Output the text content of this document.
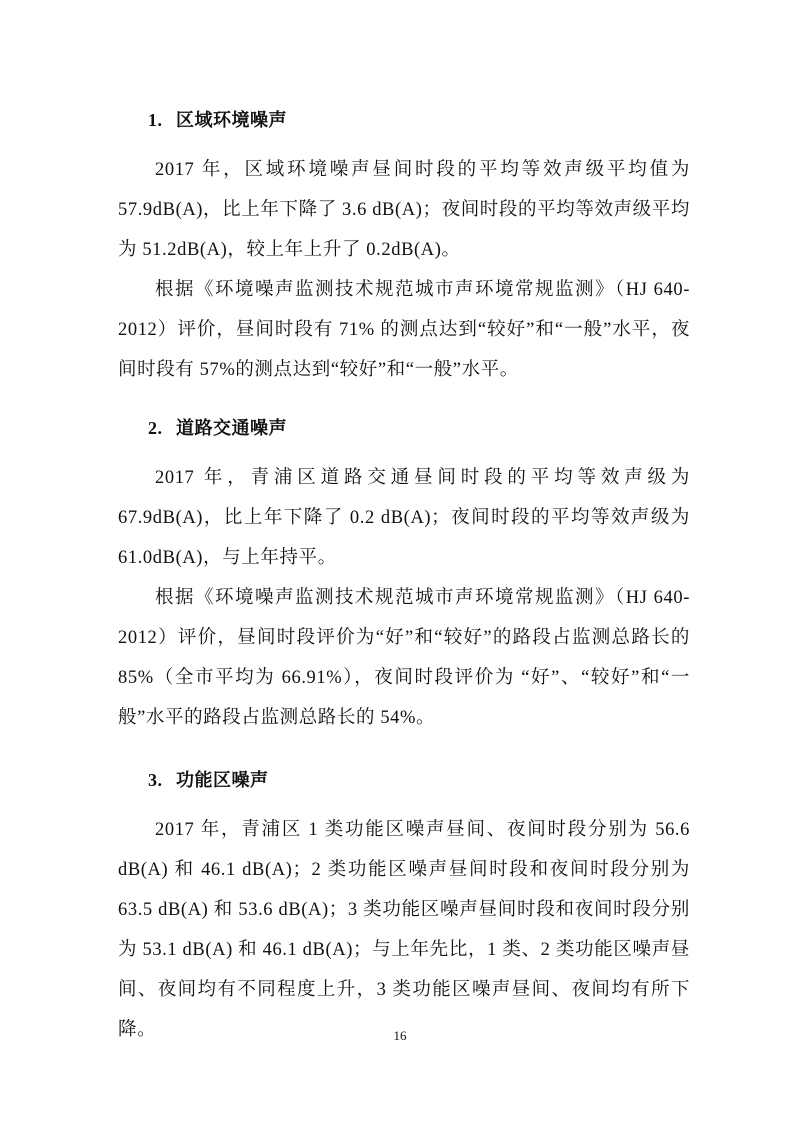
1. 区域环境噪声

2017 年，区域环境噪声昼间时段的平均等效声级平均值为 57.9dB(A)，比上年下降了 3.6 dB(A)；夜间时段的平均等效声级平均为 51.2dB(A)，较上年上升了 0.2dB(A)。

根据《环境噪声监测技术规范城市声环境常规监测》（HJ 640-2012）评价，昼间时段有 71% 的测点达到“较好”和“一般”水平，夜间时段有 57%的测点达到“较好”和“一般”水平。

2. 道路交通噪声

2017 年，青浦区道路交通昼间时段的平均等效声级为 67.9dB(A)，比上年下降了 0.2 dB(A)；夜间时段的平均等效声级为 61.0dB(A)，与上年持平。

根据《环境噪声监测技术规范城市声环境常规监测》（HJ 640-2012）评价，昼间时段评价为“好”和“较好”的路段占监测总路长的 85%（全市平均为 66.91%），夜间时段评价为 “好”、“较好”和“一般”水平的路段占监测总路长的 54%。

3. 功能区噪声

2017 年，青浦区 1 类功能区噪声昼间、夜间时段分别为 56.6 dB(A) 和 46.1 dB(A)；2 类功能区噪声昼间时段和夜间时段分别为 63.5 dB(A) 和 53.6 dB(A)；3 类功能区噪声昼间时段和夜间时段分别为 53.1 dB(A) 和 46.1 dB(A)；与上年先比，1 类、2 类功能区噪声昼间、夜间均有不同程度上升，3 类功能区噪声昼间、夜间均有所下降。	16
